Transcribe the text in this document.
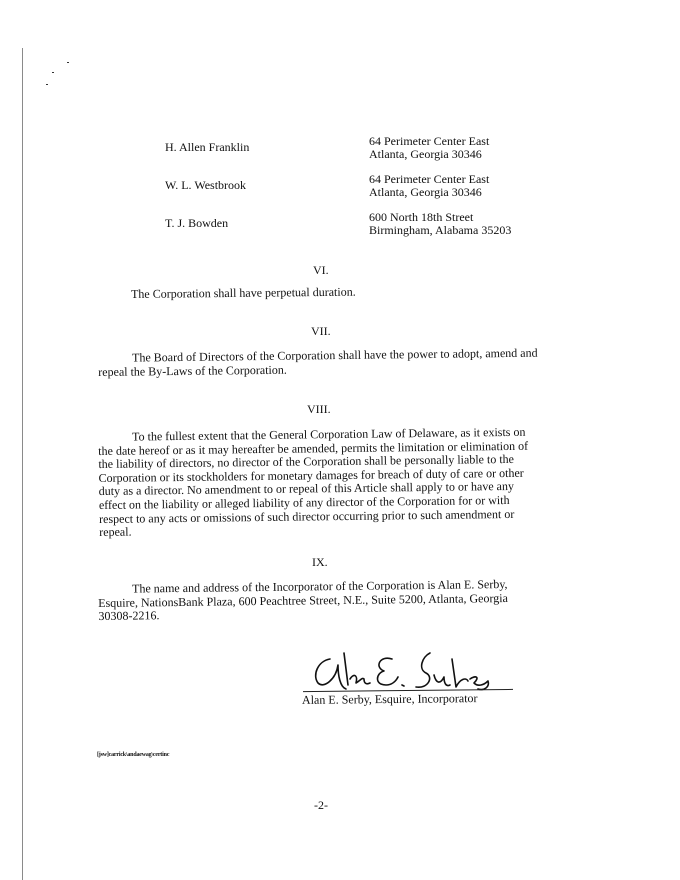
H. Allen Franklin	64 Perimeter Center East
Atlanta, Georgia 30346
W. L. Westbrook	64 Perimeter Center East
Atlanta, Georgia 30346
T. J. Bowden	600 North 18th Street
Birmingham, Alabama 35203
VI.
The Corporation shall have perpetual duration.
VII.
The Board of Directors of the Corporation shall have the power to adopt, amend and
repeal the By-Laws of the Corporation.
VIII.
To the fullest extent that the General Corporation Law of Delaware, as it exists on
the date hereof or as it may hereafter be amended, permits the limitation or elimination of
the liability of directors, no director of the Corporation shall be personally liable to the
Corporation or its stockholders for monetary damages for breach of duty of care or other
duty as a director. No amendment to or repeal of this Article shall apply to or have any
effect on the liability or alleged liability of any director of the Corporation for or with
respect to any acts or omissions of such director occurring prior to such amendment or
repeal.
IX.
The name and address of the Incorporator of the Corporation is Alan E. Serby,
Esquire, NationsBank Plaza, 600 Peachtree Street, N.E., Suite 5200, Atlanta, Georgia
30308-2216.
Alan E. Serby, Esquire, Incorporator
[jsw]carrick\andaewag\certinc
-2-
